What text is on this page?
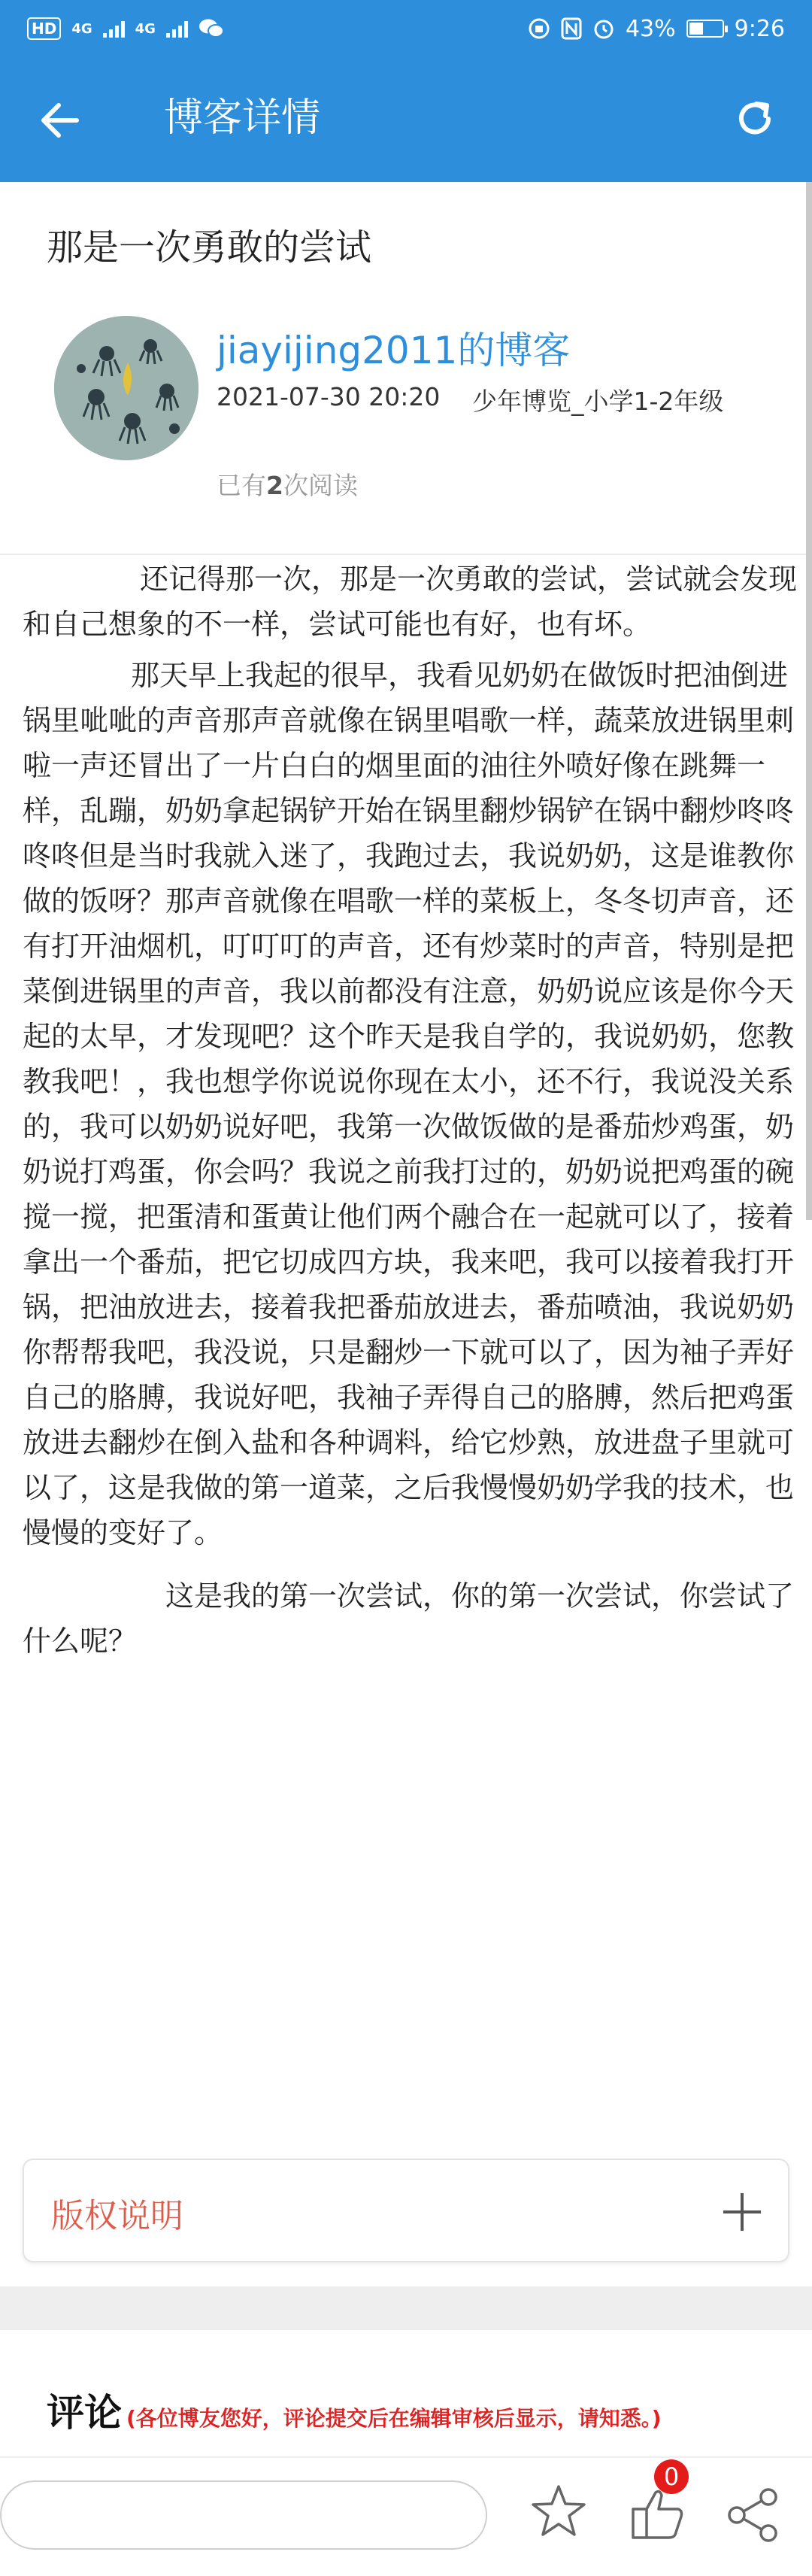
HD	4G	4G	43%	9:26
博客详情
那是一次勇敢的尝试
jiayijing2011的博客
2021-07-30 20:20 少年博览_小学1-2年级
已有2次阅读

还记得那一次，那是一次勇敢的尝试，尝试就会发现和自己想象的不一样，尝试可能也有好，也有坏。

那天早上我起的很早，我看见奶奶在做饭时把油倒进锅里呲呲的声音那声音就像在锅里唱歌一样，蔬菜放进锅里刺啦一声还冒出了一片白白的烟里面的油往外喷好像在跳舞一样，乱蹦，奶奶拿起锅铲开始在锅里翻炒锅铲在锅中翻炒咚咚咚咚但是当时我就入迷了，我跑过去，我说奶奶，这是谁教你做的饭呀？那声音就像在唱歌一样的菜板上，冬冬切声音，还有打开油烟机，叮叮叮的声音，还有炒菜时的声音，特别是把菜倒进锅里的声音，我以前都没有注意，奶奶说应该是你今天起的太早，才发现吧？这个昨天是我自学的，我说奶奶，您教教我吧！，我也想学你说说你现在太小，还不行，我说没关系的，我可以奶奶说好吧，我第一次做饭做的是番茄炒鸡蛋，奶奶说打鸡蛋，你会吗？我说之前我打过的，奶奶说把鸡蛋的碗搅一搅，把蛋清和蛋黄让他们两个融合在一起就可以了，接着拿出一个番茄，把它切成四方块，我来吧，我可以接着我打开锅，把油放进去，接着我把番茄放进去，番茄喷油，我说奶奶你帮帮我吧，我没说，只是翻炒一下就可以了，因为袖子弄好自己的胳膊，我说好吧，我袖子弄得自己的胳膊，然后把鸡蛋放进去翻炒在倒入盐和各种调料，给它炒熟，放进盘子里就可以了，这是我做的第一道菜，之后我慢慢奶奶学我的技术，也慢慢的变好了。

这是我的第一次尝试，你的第一次尝试，你尝试了什么呢？

版权说明
评论 (各位博友您好，评论提交后在编辑审核后显示，请知悉。)
0
